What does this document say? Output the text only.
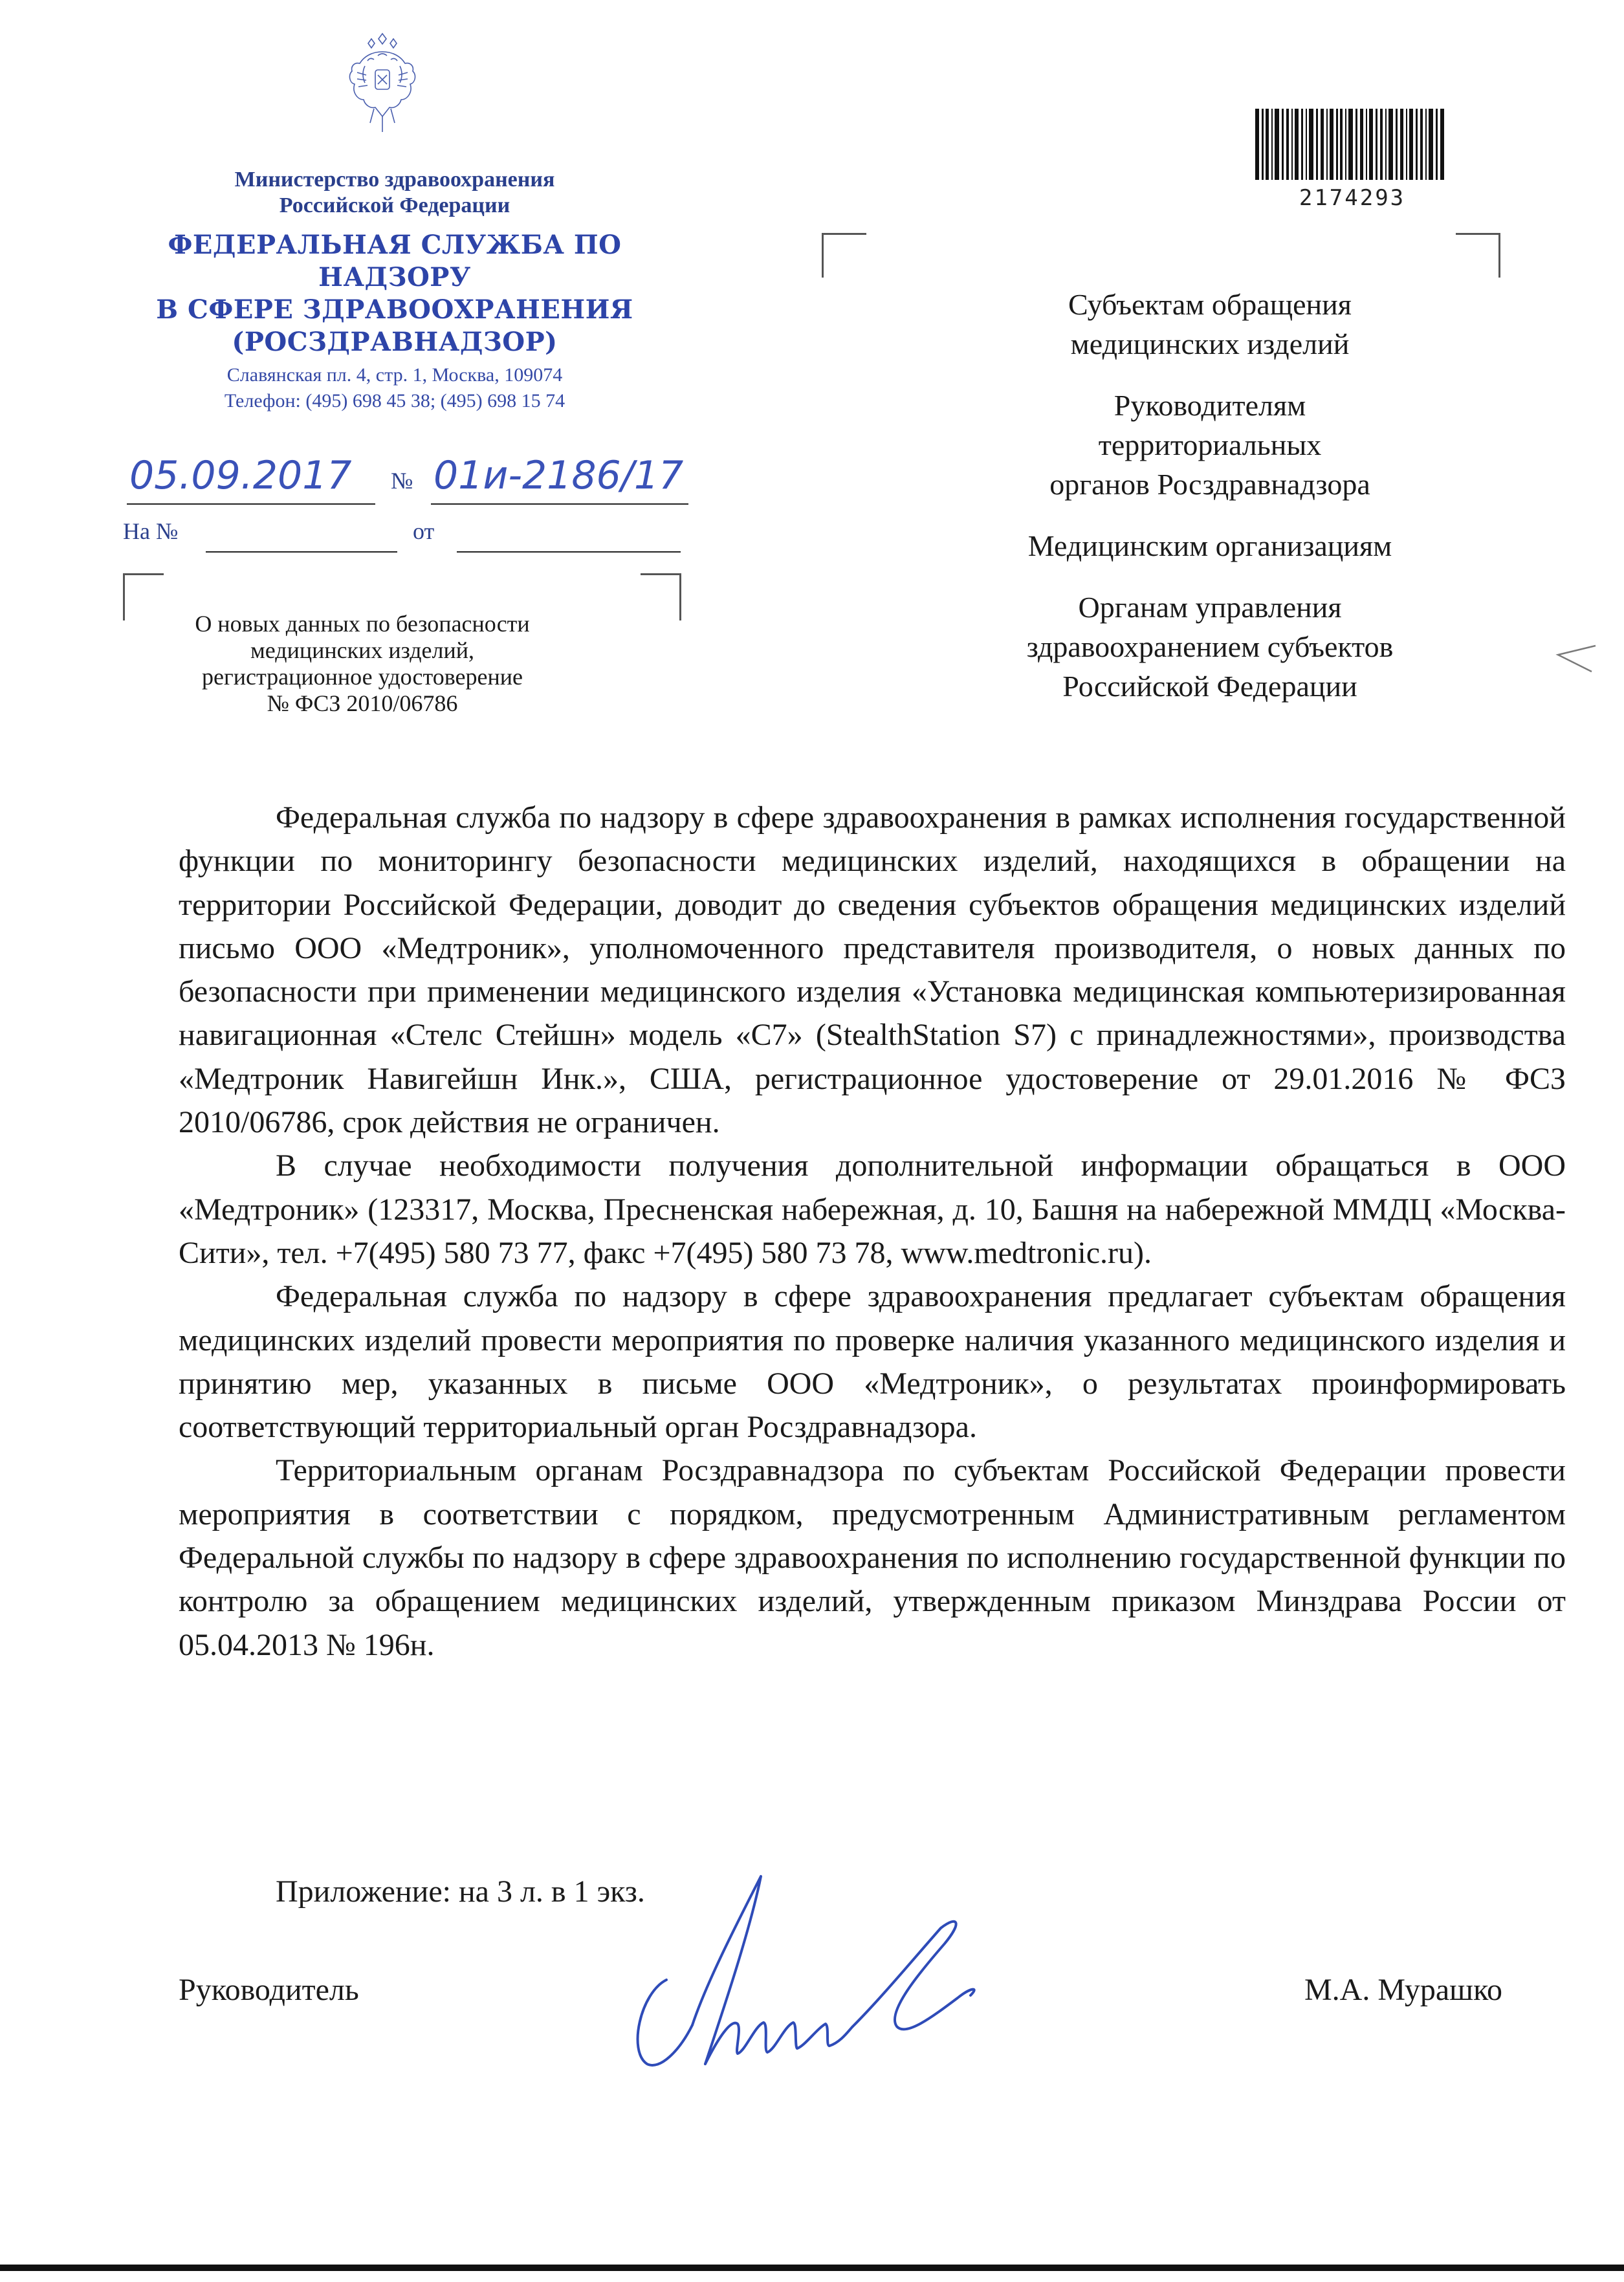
Министерство здравоохранения
Российской Федерации
ФЕДЕРАЛЬНАЯ СЛУЖБА ПО НАДЗОРУ
В СФЕРЕ ЗДРАВООХРАНЕНИЯ
(РОСЗДРАВНАДЗОР)
Славянская пл. 4, стр. 1, Москва, 109074
Телефон: (495) 698 45 38; (495) 698 15 74
05.09.2017 № 01и-2186/17
На №	от
О новых данных по безопасности
медицинских изделий,
регистрационное удостоверение
№ ФСЗ 2010/06786
2174293
Субъектам обращения
медицинских изделий
Руководителям
территориальных
органов Росздравнадзора
Медицинским организациям
Органам управления
здравоохранением субъектов
Российской Федерации

Федеральная служба по надзору в сфере здравоохранения в рамках исполнения государственной функции по мониторингу безопасности медицинских изделий, находящихся в обращении на территории Российской Федерации, доводит до сведения субъектов обращения медицинских изделий письмо ООО «Медтроник», уполномоченного представителя производителя, о новых данных по безопасности при применении медицинского изделия «Установка медицинская компьютеризированная навигационная «Стелс Стейшн» модель «С7» (StealthStation S7) с принадлежностями», производства «Медтроник Навигейшн Инк.», США, регистрационное удостоверение от 29.01.2016 № ФСЗ 2010/06786, срок действия не ограничен.

В случае необходимости получения дополнительной информации обращаться в ООО «Медтроник» (123317, Москва, Пресненская набережная, д. 10, Башня на набережной ММДЦ «Москва-Сити», тел. +7(495) 580 73 77, факс +7(495) 580 73 78, www.medtronic.ru).

Федеральная служба по надзору в сфере здравоохранения предлагает субъектам обращения медицинских изделий провести мероприятия по проверке наличия указанного медицинского изделия и принятию мер, указанных в письме ООО «Медтроник», о результатах проинформировать соответствующий территориальный орган Росздравнадзора.

Территориальным органам Росздравнадзора по субъектам Российской Федерации провести мероприятия в соответствии с порядком, предусмотренным Административным регламентом Федеральной службы по надзору в сфере здравоохранения по исполнению государственной функции по контролю за обращением медицинских изделий, утвержденным приказом Минздрава России от 05.04.2013 № 196н.

Приложение: на 3 л. в 1 экз.
Руководитель	М.А. Мурашко
